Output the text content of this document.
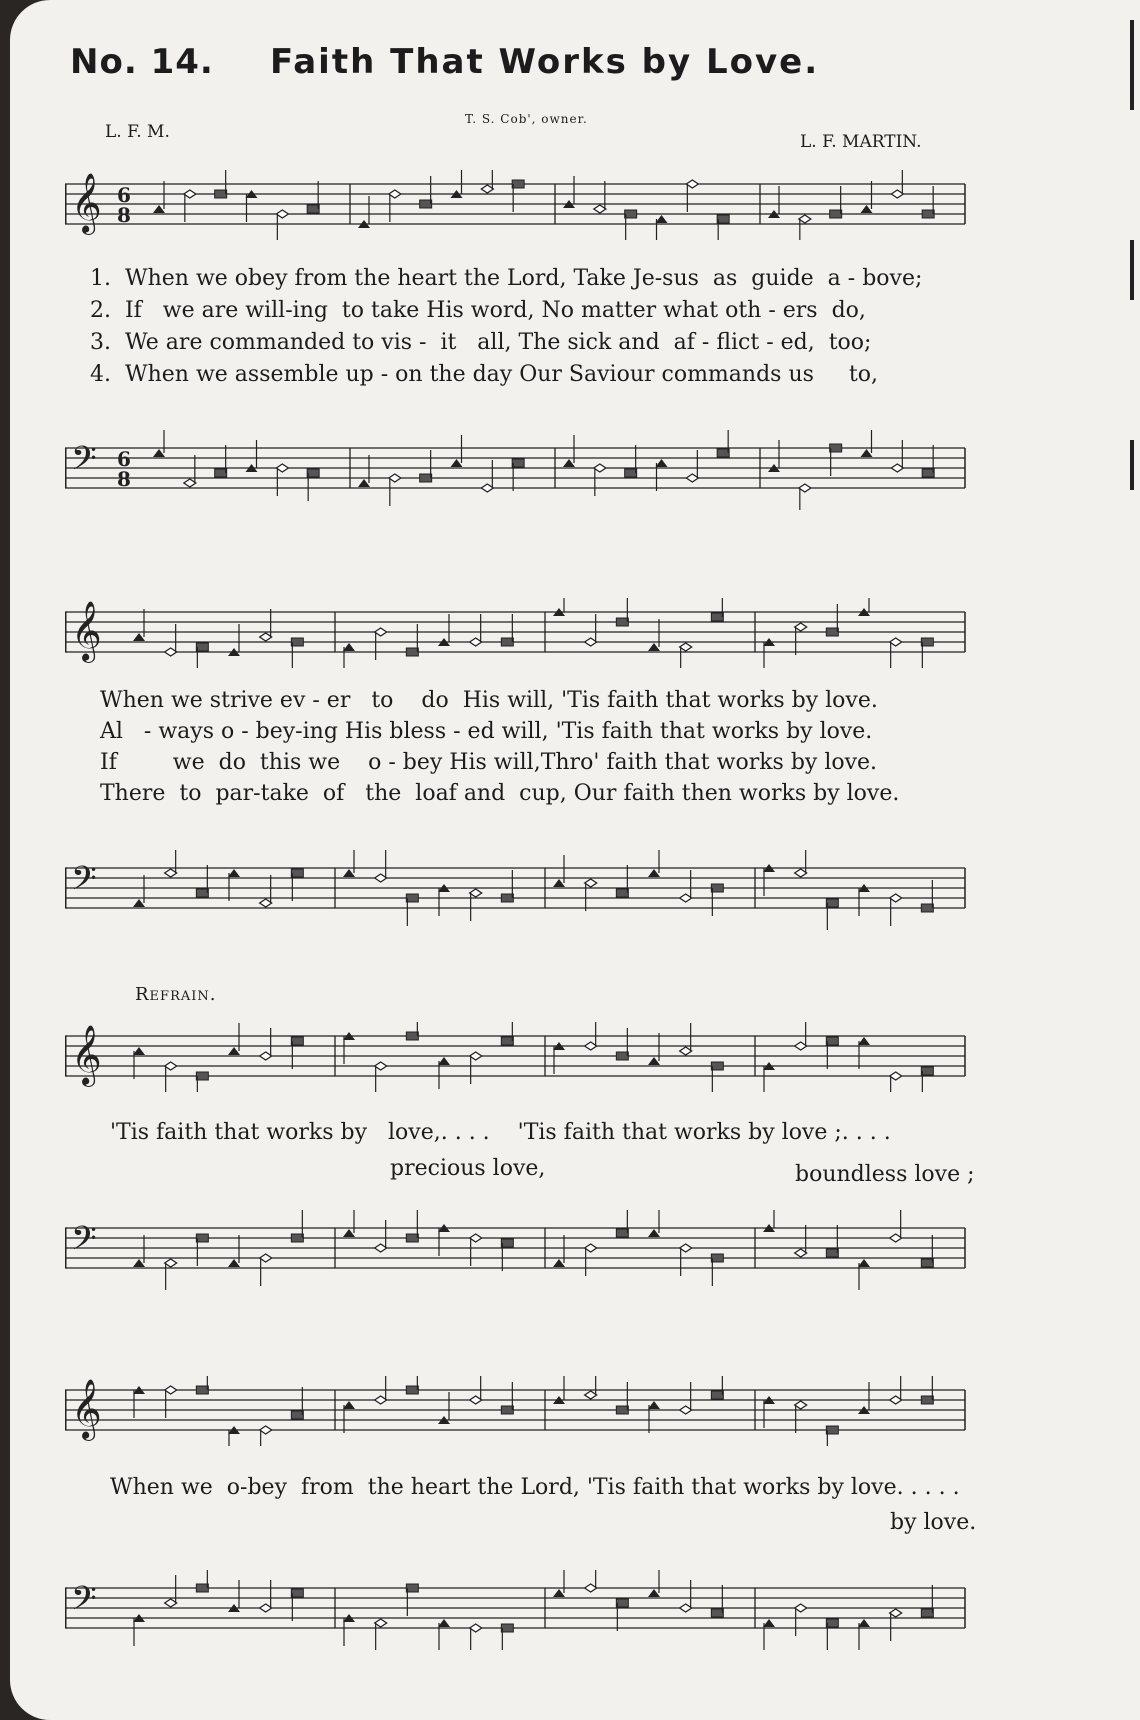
No. 14. Faith That Works by Love.
L. F. M.
T. S. Cob', owner.
L. F. MARTIN.
𝄞 6
8
1.  When we obey from the heart the Lord, Take Je-sus  as  guide  a - bove;
2.  If   we are will-ing  to take His word, No matter what oth - ers  do,
3.  We are commanded to vis -  it   all, The sick and  af - flict - ed,  too;
4.  When we assemble up - on the day Our Saviour commands us     to,
𝄢 6
8
𝄞
When we strive ev - er   to    do  His will, 'Tis faith that works by love.
Al   - ways o - bey-ing His bless - ed will, 'Tis faith that works by love.
If        we  do  this we    o - bey His will,Thro' faith that works by love.
There  to  par-take  of   the  loaf and  cup, Our faith then works by love.
𝄢
Refrain.
𝄞
'Tis faith that works by   love,. . . .    'Tis faith that works by love ;. . . .
precious love,	boundless love ;
𝄢
𝄞
When we  o-bey  from  the heart the Lord, 'Tis faith that works by love. . . . .
by love.
𝄢
